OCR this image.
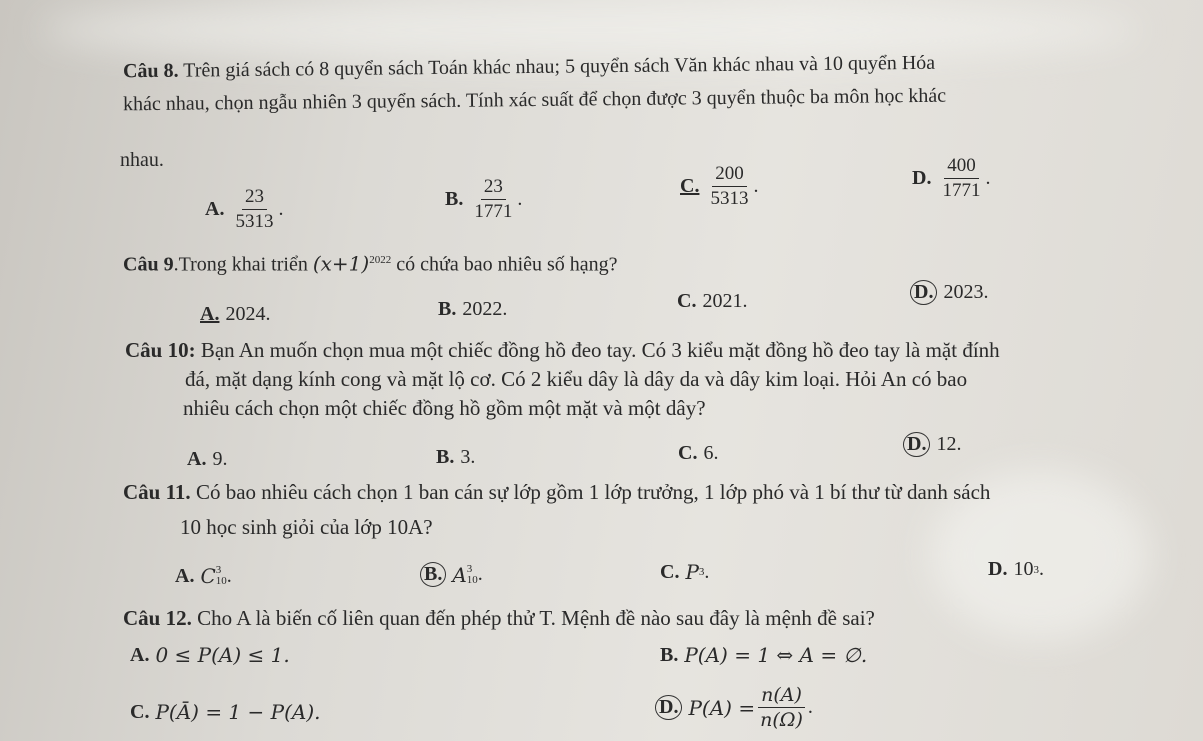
Câu 8. Trên giá sách có 8 quyển sách Toán khác nhau; 5 quyển sách Văn khác nhau và 10 quyển Hóa
khác nhau, chọn ngẫu nhiên 3 quyển sách. Tính xác suất để chọn được 3 quyển thuộc ba môn học khác
nhau.
A. $\frac{23}{5313}$ .	B. $\frac{23}{1771}$ .
C. $\frac{200}{5313}$ .	D. $\frac{400}{1771}$ .
Câu 9.Trong khai triển $(x+1)^{2022}$ có chứa bao nhiêu số hạng?
A. 2024.	B. 2022.	C. 2021.	D. 2023.
Câu 10: Bạn An muốn chọn mua một chiếc đồng hồ đeo tay. Có 3 kiểu mặt đồng hồ đeo tay là mặt đính
đá, mặt dạng kính cong và mặt lộ cơ. Có 2 kiểu dây là dây da và dây kim loại. Hỏi An có bao
nhiêu cách chọn một chiếc đồng hồ gồm một mặt và một dây?
A. 9.	B. 3.	C. 6.	D. 12.
Câu 11. Có bao nhiêu cách chọn 1 ban cán sự lớp gồm 1 lớp trưởng, 1 lớp phó và 1 bí thư từ danh sách
10 học sinh giỏi của lớp 10A?
A. C 3
10 .	B. A 3
10 .	C. P 3 .	D. 10 3 .
Câu 12. Cho A là biến cố liên quan đến phép thử T. Mệnh đề nào sau đây là mệnh đề sai?
A. 0 ≤ P(A) ≤ 1.	B. P(A) = 1 ⇔ A = ∅.
C. P(Ā) = 1 − P(A).	D. $P(A) = \frac{n(A)}{n(\Omega)}$ .
